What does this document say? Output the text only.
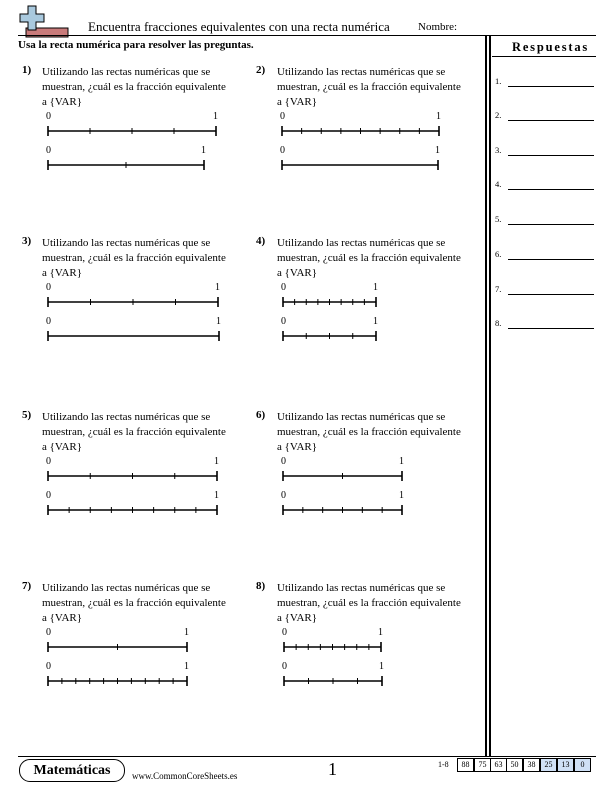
Encuentra fracciones equivalentes con una recta numérica	Nombre:
Usa la recta numérica para resolver las preguntas.	Respuestas
1.
2.
3.
4.
5.
6.
7.
8.
1) Utilizando las rectas numéricas que se muestran, ¿cuál es la fracción equivalente a {VAR}
0	1
0	1
2) Utilizando las rectas numéricas que se muestran, ¿cuál es la fracción equivalente a {VAR}
0	1
0	1
3) Utilizando las rectas numéricas que se muestran, ¿cuál es la fracción equivalente a {VAR}
0	1
0	1
4) Utilizando las rectas numéricas que se muestran, ¿cuál es la fracción equivalente a {VAR}
0	1
0	1
5) Utilizando las rectas numéricas que se muestran, ¿cuál es la fracción equivalente a {VAR}
0	1
0	1
6) Utilizando las rectas numéricas que se muestran, ¿cuál es la fracción equivalente a {VAR}
0	1
0	1
7) Utilizando las rectas numéricas que se muestran, ¿cuál es la fracción equivalente a {VAR}
0	1
0	1
8) Utilizando las rectas numéricas que se muestran, ¿cuál es la fracción equivalente a {VAR}
0	1
0	1
Matemáticas	www.CommonCoreSheets.es	1	1-8	88	75	63	50	38	25	13	0
